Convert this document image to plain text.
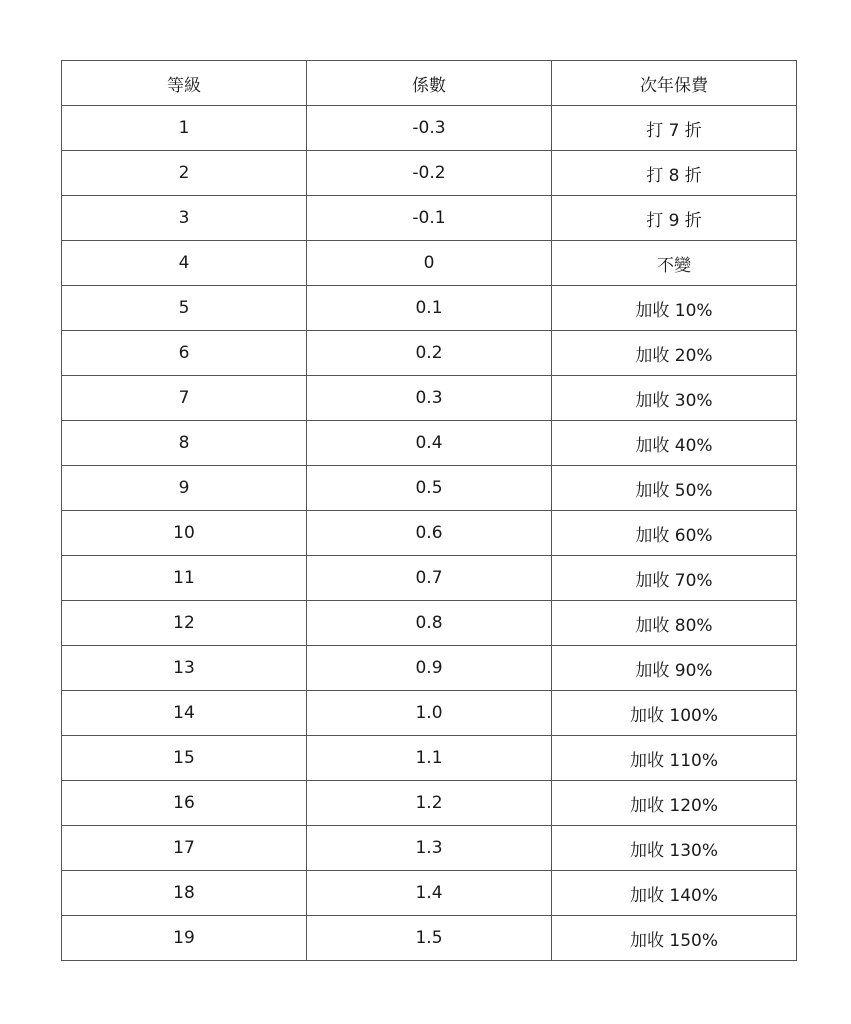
等級	係數	次年保費
1	-0.3	打 7 折
2	-0.2	打 8 折
3	-0.1	打 9 折
4	0	不變
5	0.1	加收 10%
6	0.2	加收 20%
7	0.3	加收 30%
8	0.4	加收 40%
9	0.5	加收 50%
10	0.6	加收 60%
11	0.7	加收 70%
12	0.8	加收 80%
13	0.9	加收 90%
14	1.0	加收 100%
15	1.1	加收 110%
16	1.2	加收 120%
17	1.3	加收 130%
18	1.4	加收 140%
19	1.5	加收 150%
